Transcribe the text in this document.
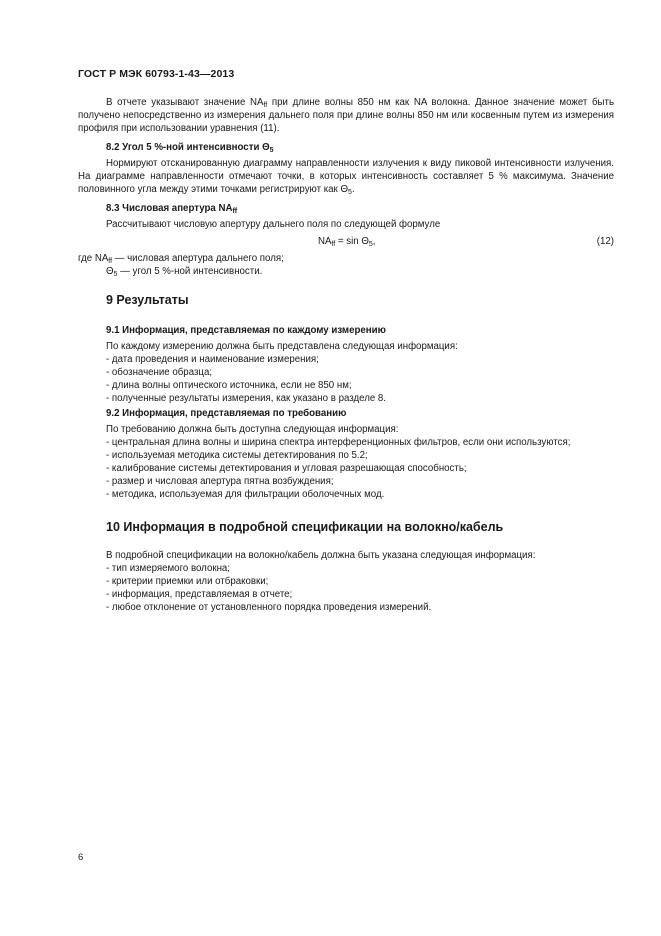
ГОСТ Р МЭК 60793-1-43—2013

В отчете указывают значение $NA_{ff}$ при длине волны 850 нм как NA волокна. Данное значение может быть получено непосредственно из измерения дальнего поля при длине волны 850 нм или косвенным путем из измерения профиля при использовании уравнения (11).

8.2 Угол 5 %-ной интенсивности $\Theta_5$

Нормируют отсканированную диаграмму направленности излучения к виду пиковой интенсивности излучения. На диаграмме направленности отмечают точки, в которых интенсивность составляет 5 % максимума. Значение половинного угла между этими точками регистрируют как $\Theta_5$.

8.3 Числовая апертура $NA_{ff}$

Рассчитывают числовую апертуру дальнего поля по следующей формуле

$NA_{ff} = \sin \Theta_5$,	(12)

где $NA_{ff}$ — числовая апертура дальнего поля;

$\Theta_5$ — угол 5 %-ной интенсивности.

9 Результаты
9.1 Информация, представляемая по каждому измерению

По каждому измерению должна быть представлена следующая информация:

- дата проведения и наименование измерения;

- обозначение образца;

- длина волны оптического источника, если не 850 нм;

- полученные результаты измерения, как указано в разделе 8.

9.2 Информация, представляемая по требованию

По требованию должна быть доступна следующая информация:

- центральная длина волны и ширина спектра интерференционных фильтров, если они используются;

- используемая методика системы детектирования по 5.2;

- калибрование системы детектирования и угловая разрешающая способность;

- размер и числовая апертура пятна возбуждения;

- методика, используемая для фильтрации оболочечных мод.

10 Информация в подробной спецификации на волокно/кабель

В подробной спецификации на волокно/кабель должна быть указана следующая информация:

- тип измеряемого волокна;

- критерии приемки или отбраковки;

- информация, представляемая в отчете;

- любое отклонение от установленного порядка проведения измерений.

6
